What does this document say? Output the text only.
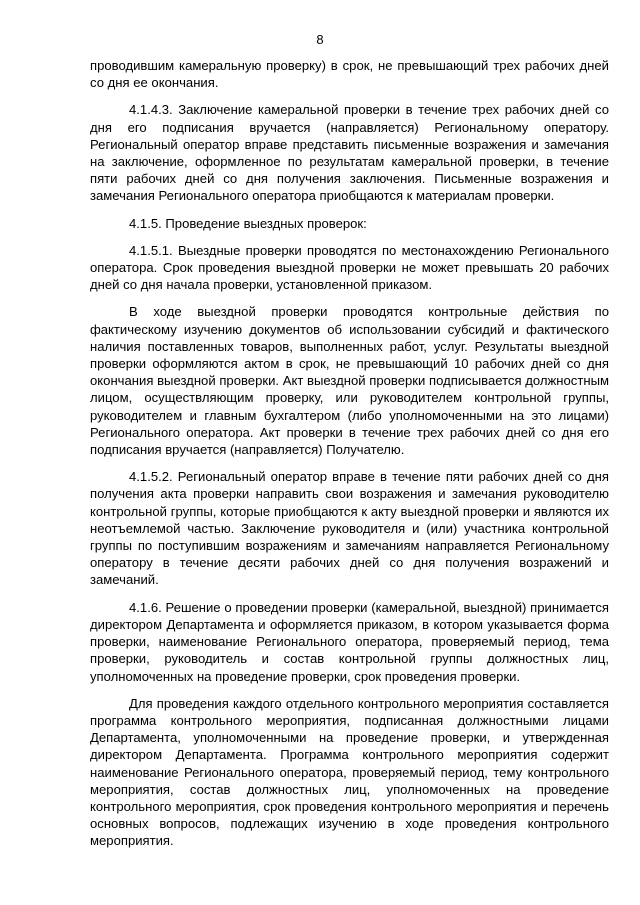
8

проводившим камеральную проверку) в срок, не превышающий трех рабочих дней со дня ее окончания.

4.1.4.3. Заключение камеральной проверки в течение трех рабочих дней со дня его подписания вручается (направляется) Региональному оператору. Региональный оператор вправе представить письменные возражения и замечания на заключение, оформленное по результатам камеральной проверки, в течение пяти рабочих дней со дня получения заключения. Письменные возражения и замечания Регионального оператора приобщаются к материалам проверки.

4.1.5. Проведение выездных проверок:

4.1.5.1. Выездные проверки проводятся по местонахождению Регионального оператора. Срок проведения выездной проверки не может превышать 20 рабочих дней со дня начала проверки, установленной приказом.

В ходе выездной проверки проводятся контрольные действия по фактическому изучению документов об использовании субсидий и фактического наличия поставленных товаров, выполненных работ, услуг. Результаты выездной проверки оформляются актом в срок, не превышающий 10 рабочих дней со дня окончания выездной проверки. Акт выездной проверки подписывается должностным лицом, осуществляющим проверку, или руководителем контрольной группы, руководителем и главным бухгалтером (либо уполномоченными на это лицами) Регионального оператора. Акт проверки в течение трех рабочих дней со дня его подписания вручается (направляется) Получателю.

4.1.5.2. Региональный оператор вправе в течение пяти рабочих дней со дня получения акта проверки направить свои возражения и замечания руководителю контрольной группы, которые приобщаются к акту выездной проверки и являются их неотъемлемой частью. Заключение руководителя и (или) участника контрольной группы по поступившим возражениям и замечаниям направляется Региональному оператору в течение десяти рабочих дней со дня получения возражений и замечаний.

4.1.6. Решение о проведении проверки (камеральной, выездной) принимается директором Департамента и оформляется приказом, в котором указывается форма проверки, наименование Регионального оператора, проверяемый период, тема проверки, руководитель и состав контрольной группы должностных лиц, уполномоченных на проведение проверки, срок проведения проверки.

Для проведения каждого отдельного контрольного мероприятия составляется программа контрольного мероприятия, подписанная должностными лицами Департамента, уполномоченными на проведение проверки, и утвержденная директором Департамента. Программа контрольного мероприятия содержит наименование Регионального оператора, проверяемый период, тему контрольного мероприятия, состав должностных лиц, уполномоченных на проведение контрольного мероприятия, срок проведения контрольного мероприятия и перечень основных вопросов, подлежащих изучению в ходе проведения контрольного мероприятия.
